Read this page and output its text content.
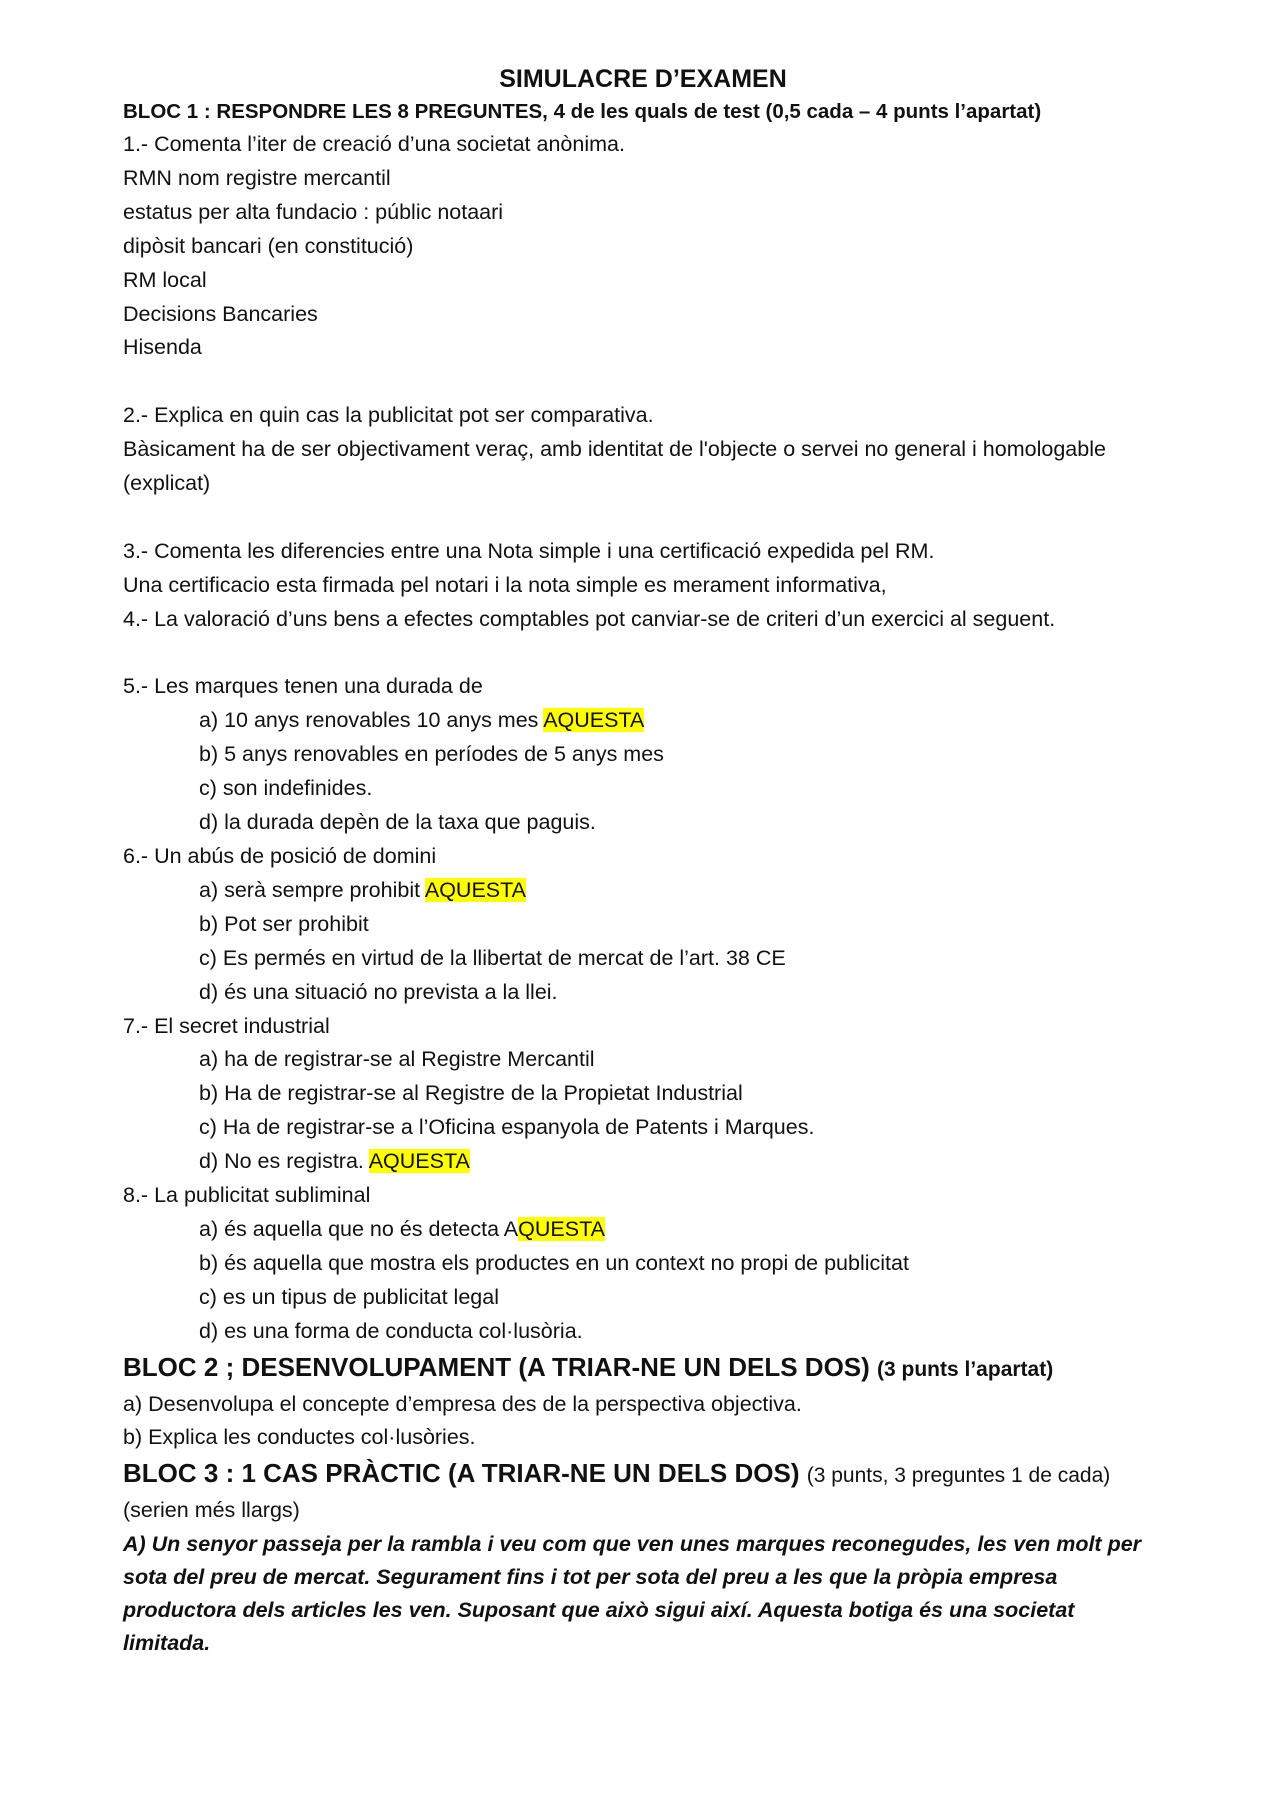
SIMULACRE D’EXAMEN

BLOC 1 : RESPONDRE LES 8 PREGUNTES, 4 de les quals de test (0,5 cada – 4 punts l’apartat)

1.- Comenta l’iter de creació d’una societat anònima.

RMN nom registre mercantil

estatus per alta fundacio : públic notaari

dipòsit bancari (en constitució)

RM local

Decisions Bancaries

Hisenda

2.- Explica en quin cas la publicitat pot ser comparativa.

Bàsicament ha de ser objectivament veraç, amb identitat de l'objecte o servei no general i homologable (explicat)

3.- Comenta les diferencies entre una Nota simple i una certificació expedida pel RM.

Una certificacio esta firmada pel notari i la nota simple es merament informativa,

4.- La valoració d’uns bens a efectes comptables pot canviar-se de criteri d’un exercici al seguent.

5.- Les marques tenen una durada de

a) 10 anys renovables 10 anys mes AQUESTA

b) 5 anys renovables en períodes de 5 anys mes

c) son indefinides.

d) la durada depèn de la taxa que paguis.

6.- Un abús de posició de domini

a) serà sempre prohibit AQUESTA

b) Pot ser prohibit

c) Es permés en virtud de la llibertat de mercat de l’art. 38 CE

d) és una situació no prevista a la llei.

7.- El secret industrial

a) ha de registrar-se al Registre Mercantil

b) Ha de registrar-se al Registre de la Propietat Industrial

c) Ha de registrar-se a l’Oficina espanyola de Patents i Marques.

d) No es registra. AQUESTA

8.- La publicitat subliminal

a) és aquella que no és detecta AQUESTA

b) és aquella que mostra els productes en un context no propi de publicitat

c) es un tipus de publicitat legal

d) es una forma de conducta col·lusòria.

BLOC 2 ; DESENVOLUPAMENT (A TRIAR-NE UN DELS DOS) (3 punts l’apartat)

a) Desenvolupa el concepte d’empresa des de la perspectiva objectiva.

b) Explica les conductes col·lusòries.

BLOC 3 : 1 CAS PRÀCTIC (A TRIAR-NE UN DELS DOS) (3 punts, 3 preguntes 1 de cada)

(serien més llargs)

A) Un senyor passeja per la rambla i veu com que ven unes marques reconegudes, les ven molt per sota del preu de mercat. Segurament fins i tot per sota del preu a les que la pròpia empresa productora dels articles les ven. Suposant que això sigui així. Aquesta botiga és una societat limitada.
